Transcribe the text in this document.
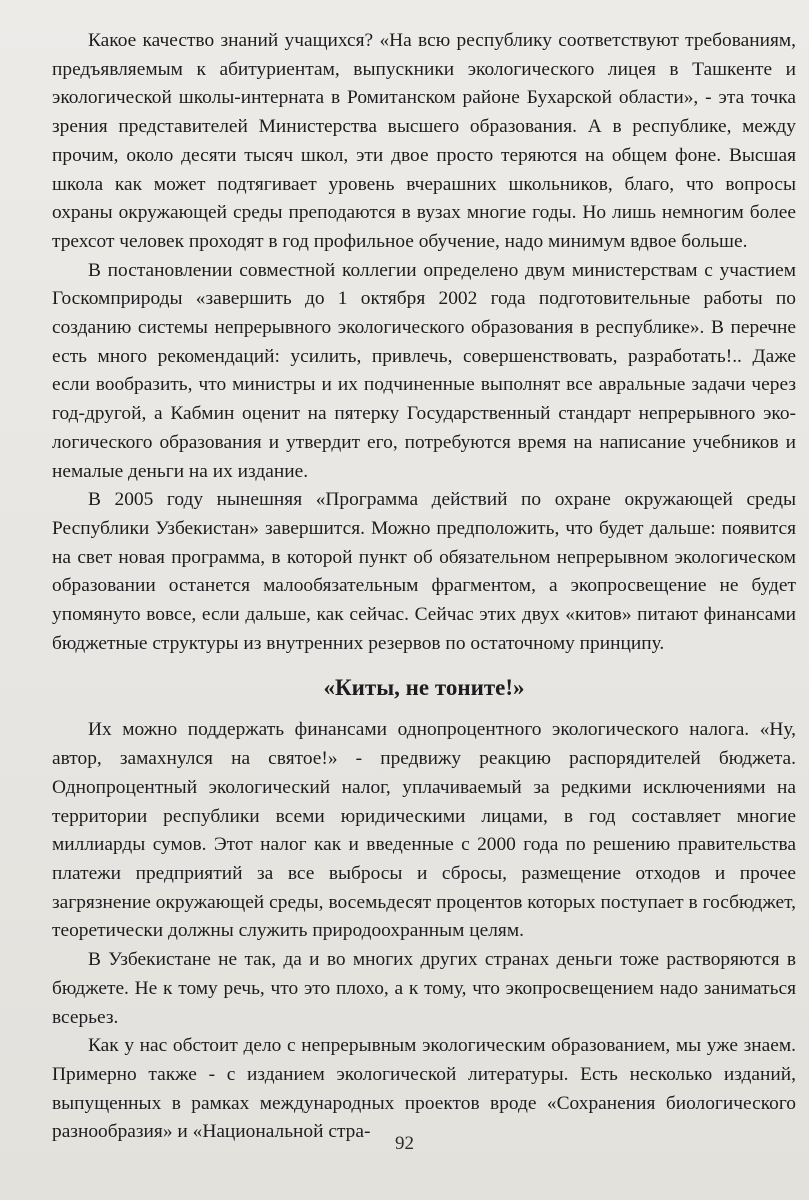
Какое качество знаний учащихся? «На всю республику соответствуют требованиям, предъявляемым к абитуриентам, выпускники экологического лицея в Ташкенте и экологической школы-интерната в Ромитанском районе Бухарской области», - эта точка зрения представителей Министерства высшего образования. А в республике, между прочим, около десяти тысяч школ, эти двое просто теряются на общем фоне. Высшая школа как может подтягивает уровень вчерашних школьников, благо, что вопросы охраны окружающей среды преподаются в вузах многие годы. Но лишь немногим более трехсот человек проходят в год профильное обучение, надо минимум вдвое больше.

В постановлении совместной коллегии определено двум министерствам с участием Госкомприроды «завершить до 1 октября 2002 года подготовительные работы по созданию системы непрерывного экологического образования в республике». В перечне есть много рекомендаций: усилить, привлечь, совершенствовать, разработать!.. Даже если вообразить, что министры и их подчиненные выполнят все авральные задачи через год-другой, а Кабмин оценит на пятерку Государственный стандарт непрерывного экологического образования и утвердит его, потребуются время на написание учебников и немалые деньги на их издание.

В 2005 году нынешняя «Программа действий по охране окружающей среды Республики Узбекистан» завершится. Можно предположить, что будет дальше: появится на свет новая программа, в которой пункт об обязательном непрерывном экологическом образовании останется малообязательным фрагментом, а экопросвещение не будет упомянуто вовсе, если дальше, как сейчас. Сейчас этих двух «китов» питают финансами бюджетные структуры из внутренних резервов по остаточному принципу.

«Киты, не тоните!»

Их можно поддержать финансами однопроцентного экологического налога. «Ну, автор, замахнулся на святое!» - предвижу реакцию распорядителей бюджета. Однопроцентный экологический налог, уплачиваемый за редкими исключениями на территории республики всеми юридическими лицами, в год составляет многие миллиарды сумов. Этот налог как и введенные с 2000 года по решению правительства платежи предприятий за все выбросы и сбросы, размещение отходов и прочее загрязнение окружающей среды, восемьдесят процентов которых поступает в госбюджет, теоретически должны служить природоохранным целям.

В Узбекистане не так, да и во многих других странах деньги тоже растворяются в бюджете. Не к тому речь, что это плохо, а к тому, что экопросвещением надо заниматься всерьез.

Как у нас обстоит дело с непрерывным экологическим образованием, мы уже знаем. Примерно также - с изданием экологической литературы. Есть несколько изданий, выпущенных в рамках международных проектов вроде «Сохранения биологического разнообразия» и «Национальной стра-

92
